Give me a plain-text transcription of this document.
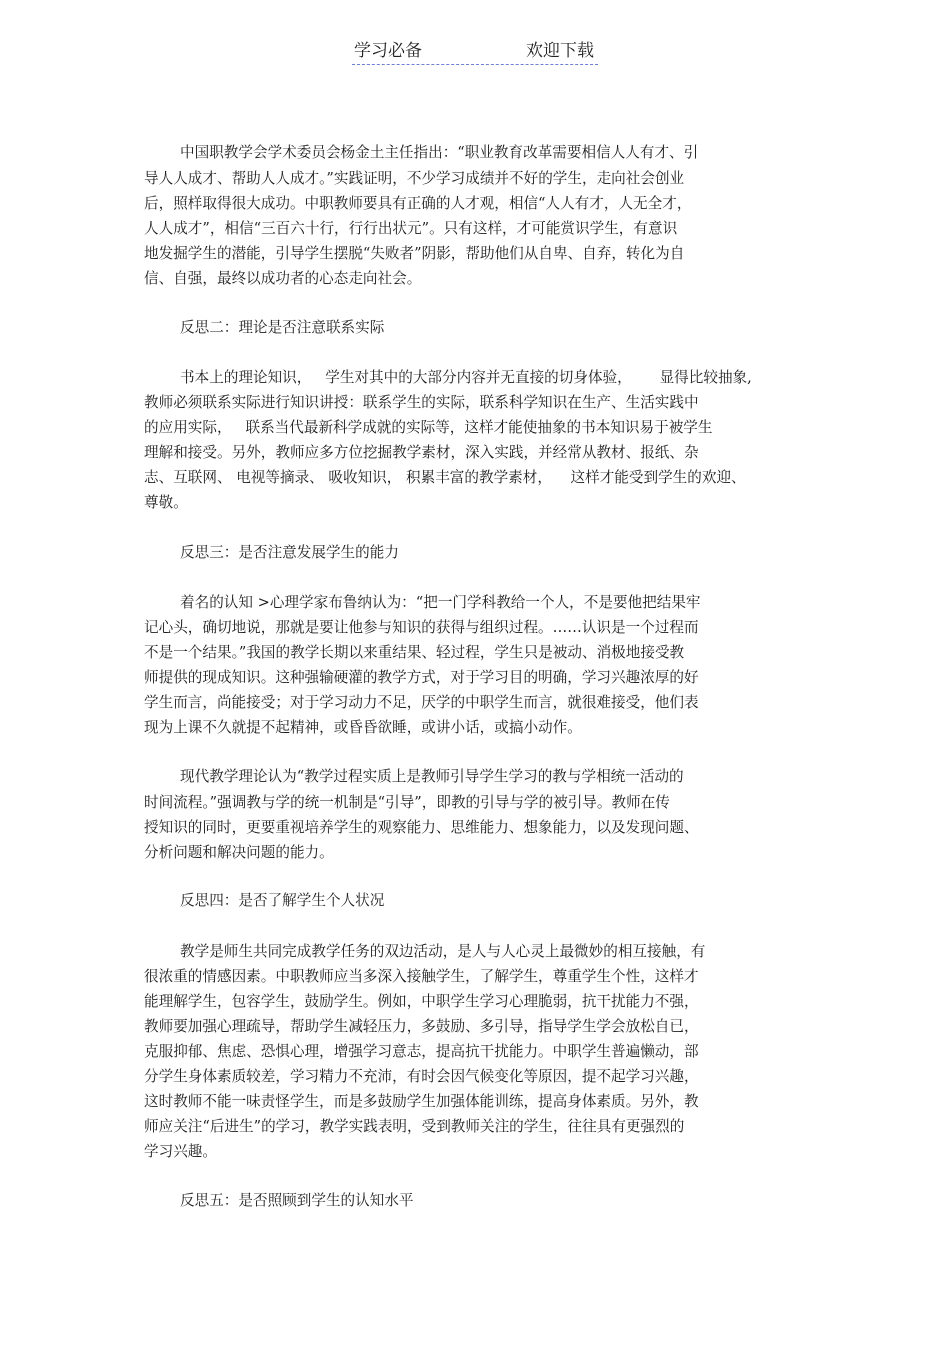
学习必备	欢迎下载
中国职教学会学术委员会杨金土主任指出：“职业教育改革需要相信人人有才、引
导人人成才、帮助人人成才。”实践证明，不少学习成绩并不好的学生，走向社会创业
后，照样取得很大成功。中职教师要具有正确的人才观，相信“人人有才，人无全才，
人人成才”，相信“三百六十行，行行出状元”。只有这样，才可能赏识学生，有意识
地发掘学生的潜能，引导学生摆脱“失败者”阴影，帮助他们从自卑、自弃，转化为自
信、自强，最终以成功者的心态走向社会。
反思二：理论是否注意联系实际
书本上的理论知识，   学生对其中的大部分内容并无直接的切身体验，      显得比较抽象,
教师必须联系实际进行知识讲授：联系学生的实际，联系科学知识在生产、生活实践中
的应用实际，   联系当代最新科学成就的实际等，这样才能使抽象的书本知识易于被学生
理解和接受。另外，教师应多方位挖掘教学素材，深入实践，并经常从教材、报纸、杂
志、互联网、 电视等摘录、 吸收知识， 积累丰富的教学素材，    这样才能受到学生的欢迎、
尊敬。
反思三：是否注意发展学生的能力
着名的认知 >心理学家布鲁纳认为：“把一门学科教给一个人，不是要他把结果牢
记心头，确切地说，那就是要让他参与知识的获得与组织过程。……认识是一个过程而
不是一个结果。”我国的教学长期以来重结果、轻过程，学生只是被动、消极地接受教
师提供的现成知识。这种强输硬灌的教学方式，对于学习目的明确，学习兴趣浓厚的好
学生而言，尚能接受；对于学习动力不足，厌学的中职学生而言，就很难接受，他们表
现为上课不久就提不起精神，或昏昏欲睡，或讲小话，或搞小动作。
现代教学理论认为“教学过程实质上是教师引导学生学习的教与学相统一活动的
时间流程。”强调教与学的统一机制是“引导”，即教的引导与学的被引导。教师在传
授知识的同时，更要重视培养学生的观察能力、思维能力、想象能力，以及发现问题、
分析问题和解决问题的能力。
反思四：是否了解学生个人状况
教学是师生共同完成教学任务的双边活动，是人与人心灵上最微妙的相互接触，有
很浓重的情感因素。中职教师应当多深入接触学生，了解学生，尊重学生个性，这样才
能理解学生，包容学生，鼓励学生。例如，中职学生学习心理脆弱，抗干扰能力不强，
教师要加强心理疏导，帮助学生减轻压力，多鼓励、多引导，指导学生学会放松自已，
克服抑郁、焦虑、恐惧心理，增强学习意志，提高抗干扰能力。中职学生普遍懒动，部
分学生身体素质较差，学习精力不充沛，有时会因气候变化等原因，提不起学习兴趣，
这时教师不能一味责怪学生，而是多鼓励学生加强体能训练，提高身体素质。另外，教
师应关注“后进生”的学习，教学实践表明，受到教师关注的学生，往往具有更强烈的
学习兴趣。
反思五：是否照顾到学生的认知水平
